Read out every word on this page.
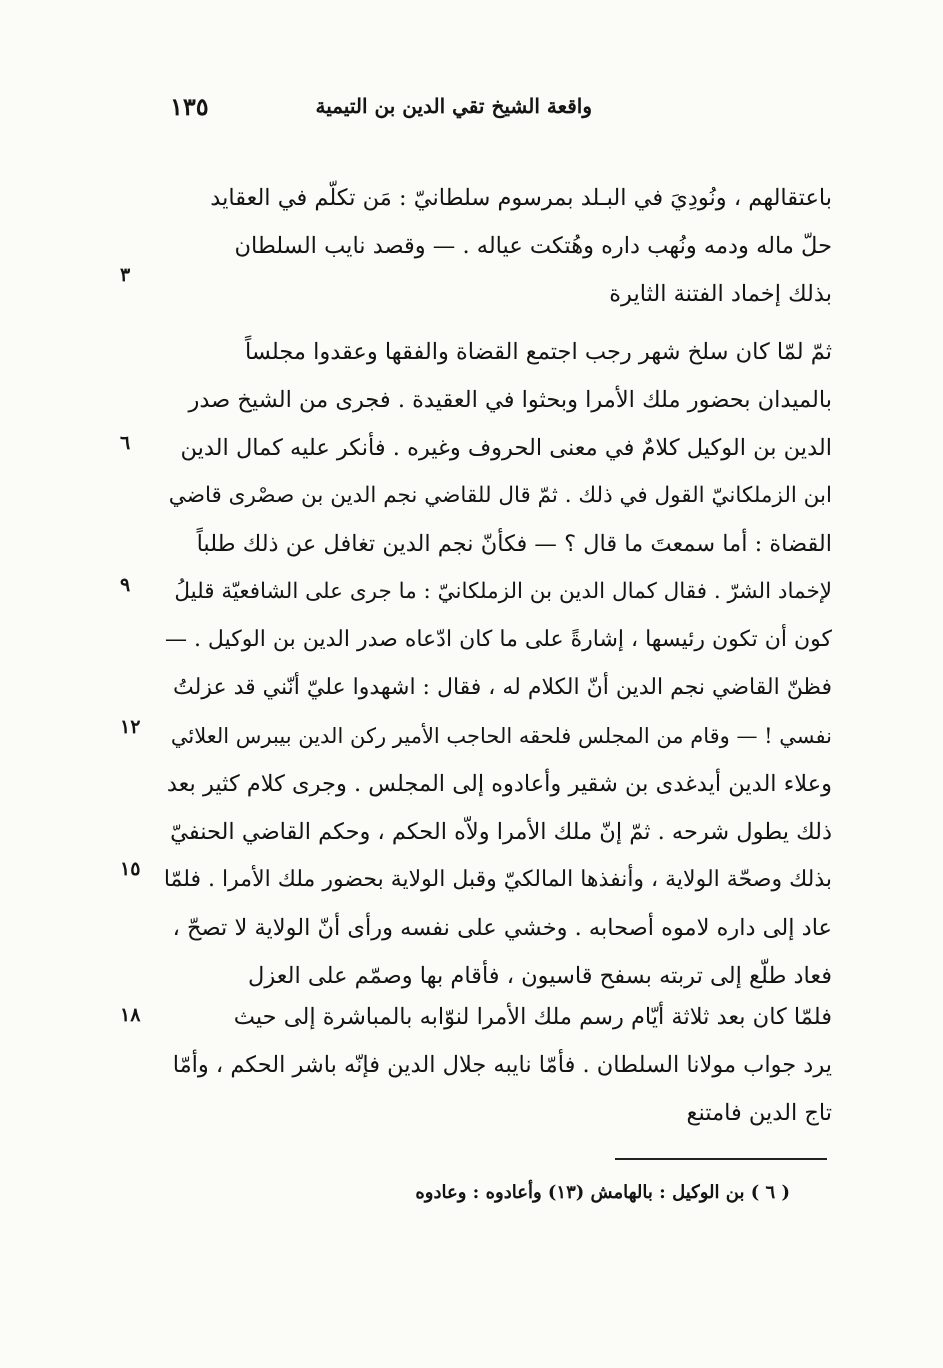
١٣٥	واقعة الشيخ تقي الدين بن التيمية
باعتقالهم ، ونُودِيَ في البـلد بمرسوم سلطانيّ : مَن تكلّم في العقايد
حلّ ماله ودمه ونُهب داره وهُتكت عياله . — وقصد نايب السلطان
بذلك إخماد الفتنة الثايرة
ثمّ لمّا كان سلخ شهر رجب اجتمع القضاة والفقها وعقدوا مجلساً
بالميدان بحضور ملك الأمرا وبحثوا في العقيدة . فجرى من الشيخ صدر
الدين بن الوكيل كلامٌ في معنى الحروف وغيره . فأنكر عليه كمال الدين
ابن الزملكانيّ القول في ذلك . ثمّ قال للقاضي نجم الدين بن صصْرى قاضي
القضاة : أما سمعتَ ما قال ؟ — فكأنّ نجم الدين تغافل عن ذلك طلباً
لإخماد الشرّ . فقال كمال الدين بن الزملكانيّ : ما جرى على الشافعيّة قليلُ
كون أن تكون رئيسها ، إشارةً على ما كان ادّعاه صدر الدين بن الوكيل . —
فظنّ القاضي نجم الدين أنّ الكلام له ، فقال : اشهدوا عليّ أنّني قد عزلتُ
نفسي ! — وقام من المجلس فلحقه الحاجب الأمير ركن الدين بيبرس العلائي
وعلاء الدين أيدغدى بن شقير وأعادوه إلى المجلس . وجرى كلام كثير بعد
ذلك يطول شرحه . ثمّ إنّ ملك الأمرا ولاّه الحكم ، وحكم القاضي الحنفيّ
بذلك وصحّة الولاية ، وأنفذها المالكيّ وقبل الولاية بحضور ملك الأمرا . فلمّا
عاد إلى داره لاموه أصحابه . وخشي على نفسه ورأى أنّ الولاية لا تصحّ ،
فعاد طلّع إلى تربته بسفح قاسيون ، فأقام بها وصمّم على العزل
فلمّا كان بعد ثلاثة أيّام رسم ملك الأمرا لنوّابه بالمباشرة إلى حيث
يرد جواب مولانا السلطان . فأمّا نايبه جلال الدين فإنّه باشر الحكم ، وأمّا
تاج الدين فامتنع
٣
٦
٩
١٢
١٥
١٨
( ٦ ) بن الوكيل : بالهامش (١٣) وأعادوه : وعادوه
